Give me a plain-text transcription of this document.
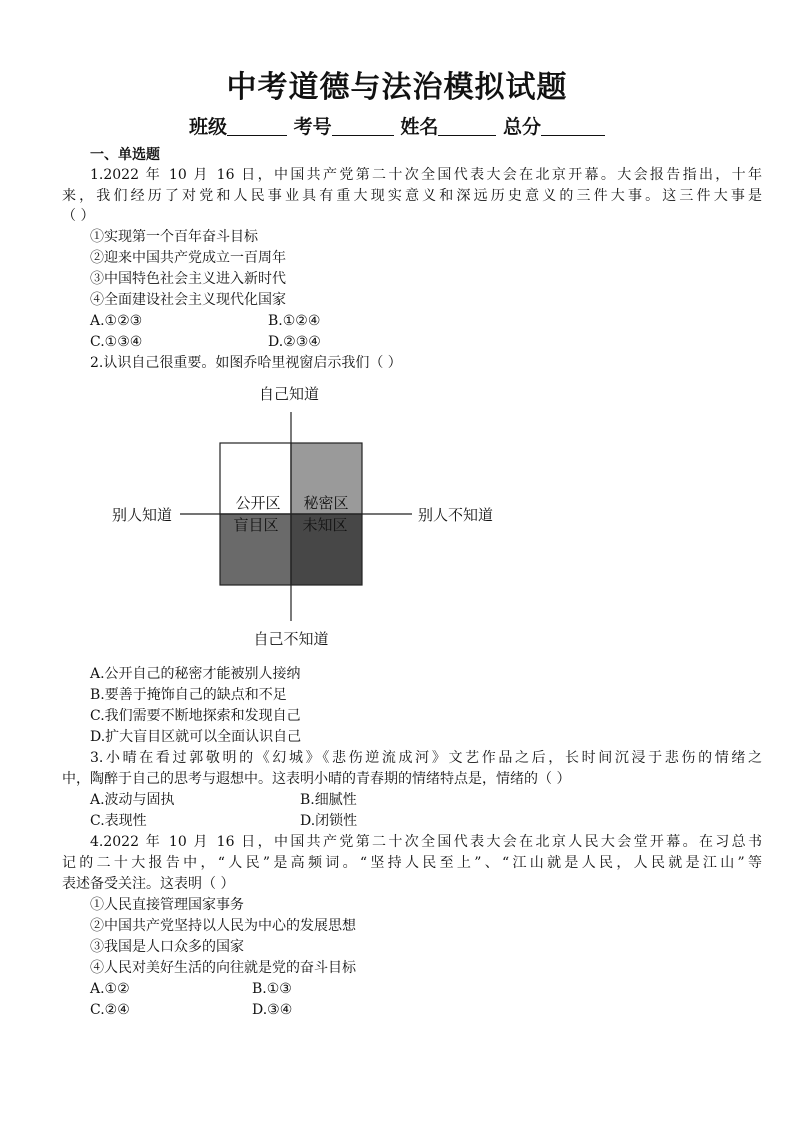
中考道德与法治模拟试题
班级	考号	姓名	总分
一、单选题
1.2022 年 10 月 16 日，中国共产党第二十次全国代表大会在北京开幕。大会报告指出，十年
来，我们经历了对党和人民事业具有重大现实意义和深远历史意义的三件大事。这三件大事是
（ ）
①实现第一个百年奋斗目标
②迎来中国共产党成立一百周年
③中国特色社会主义进入新时代
④全面建设社会主义现代化国家
A.①②③	B.①②④
C.①③④	D.②③④
2.认识自己很重要。如图乔哈里视窗启示我们（ ）
自己知道
自己不知道
别人知道	别人不知道
公开区 秘密区
盲目区 未知区
A.公开自己的秘密才能被别人接纳
B.要善于掩饰自己的缺点和不足
C.我们需要不断地探索和发现自己
D.扩大盲目区就可以全面认识自己
3.小晴在看过郭敬明的《幻城》《悲伤逆流成河》文艺作品之后，长时间沉浸于悲伤的情绪之
中，陶醉于自己的思考与遐想中。这表明小晴的青春期的情绪特点是，情绪的（ ）
A.波动与固执	B.细腻性
C.表现性	D.闭锁性
4.2022 年 10 月 16 日，中国共产党第二十次全国代表大会在北京人民大会堂开幕。在习总书
记的二十大报告中，“人民”是高频词。“坚持人民至上”、“江山就是人民，人民就是江山”等
表述备受关注。这表明（ ）
①人民直接管理国家事务
②中国共产党坚持以人民为中心的发展思想
③我国是人口众多的国家
④人民对美好生活的向往就是党的奋斗目标
A.①②	B.①③
C.②④	D.③④
